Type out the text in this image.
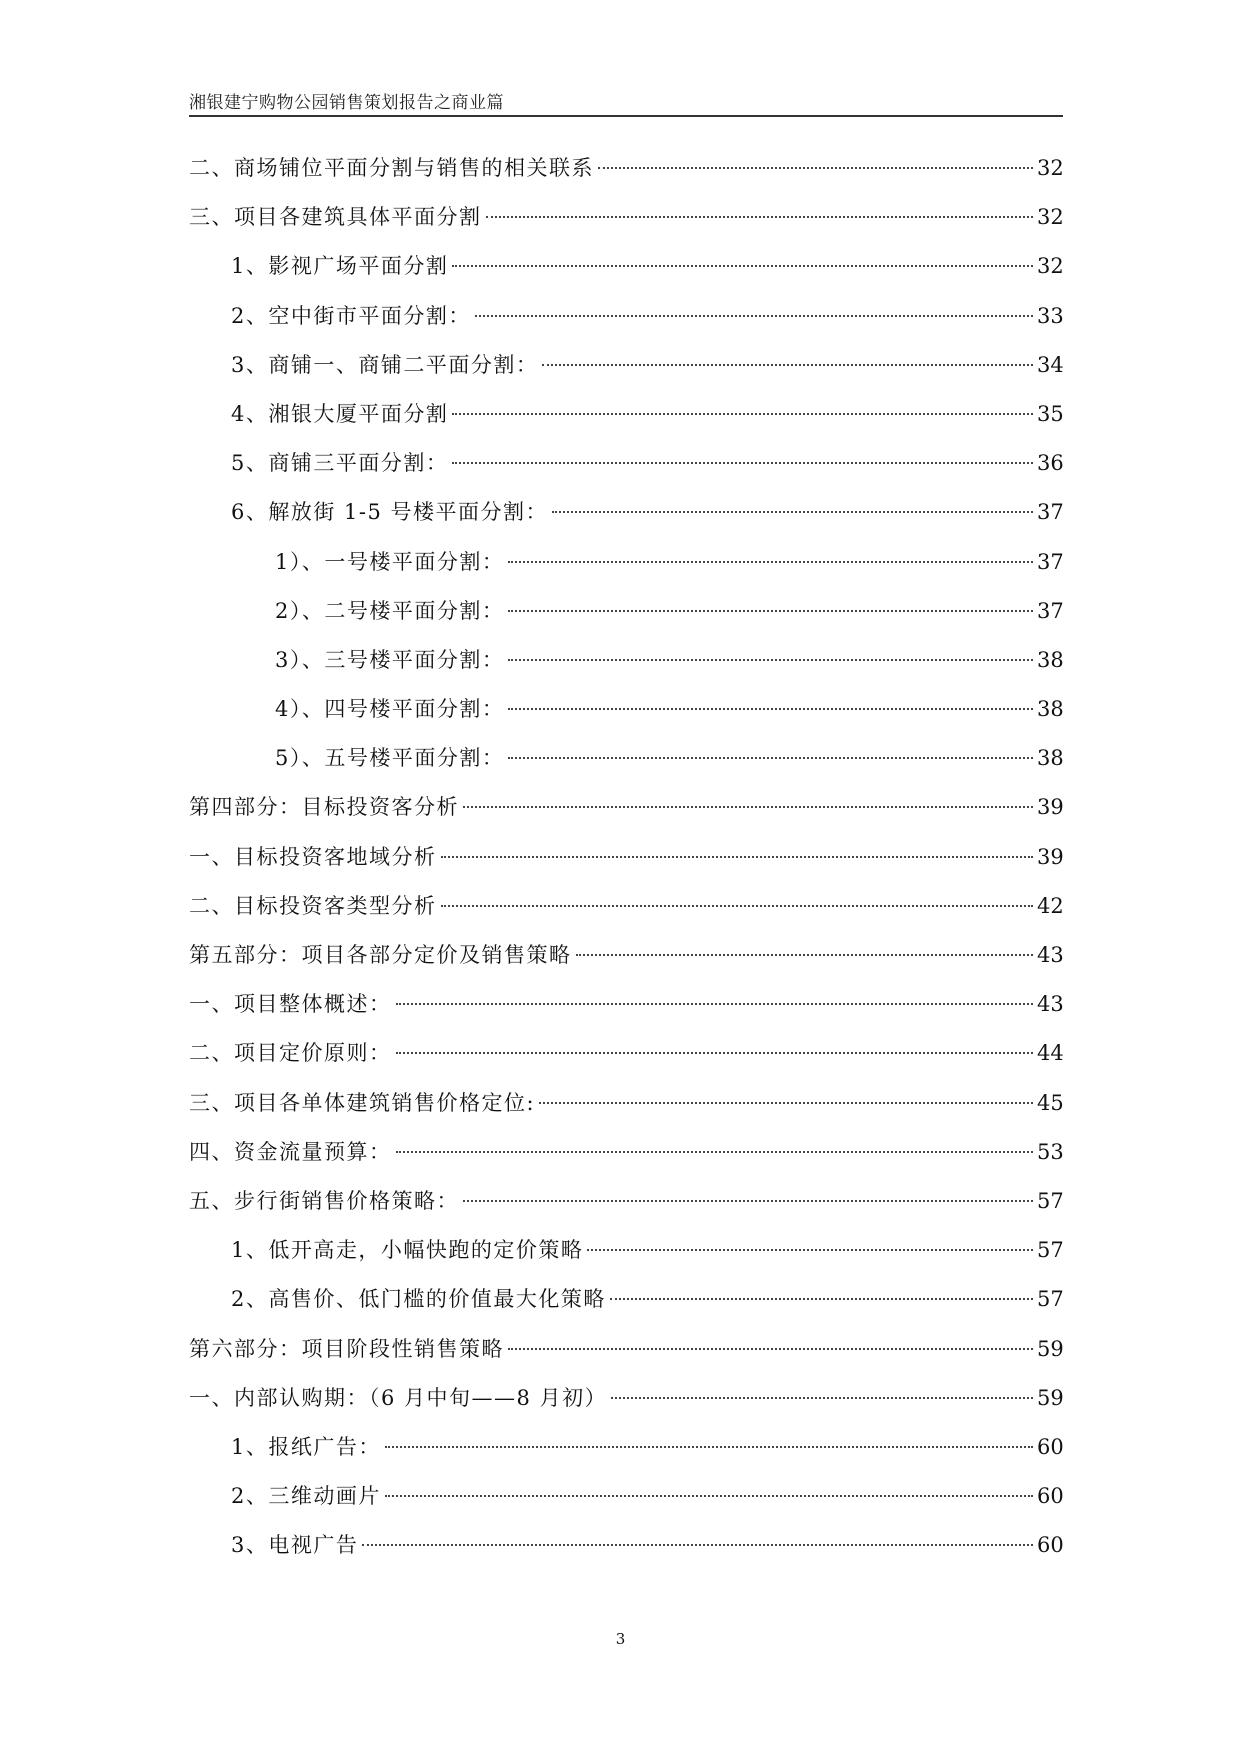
湘银建宁购物公园销售策划报告之商业篇
二、商场铺位平面分割与销售的相关联系	32
三、项目各建筑具体平面分割	32
1、影视广场平面分割	32
2、空中街市平面分割：	33
3、商铺一、商铺二平面分割：	34
4、湘银大厦平面分割	35
5、商铺三平面分割：	36
6、解放街 1-5 号楼平面分割：	37
1）、一号楼平面分割：	37
2）、二号楼平面分割：	37
3）、三号楼平面分割：	38
4）、四号楼平面分割：	38
5）、五号楼平面分割：	38
第四部分：目标投资客分析	39
一、目标投资客地域分析	39
二、目标投资客类型分析	42
第五部分：项目各部分定价及销售策略	43
一、项目整体概述：	43
二、项目定价原则：	44
三、项目各单体建筑销售价格定位:	45
四、资金流量预算：	53
五、步行街销售价格策略：	57
1、低开高走，小幅快跑的定价策略	57
2、高售价、低门槛的价值最大化策略	57
第六部分：项目阶段性销售策略	59
一、内部认购期：（6 月中旬——8 月初）	59
1、报纸广告：	60
2、三维动画片	60
3、电视广告	60
3
